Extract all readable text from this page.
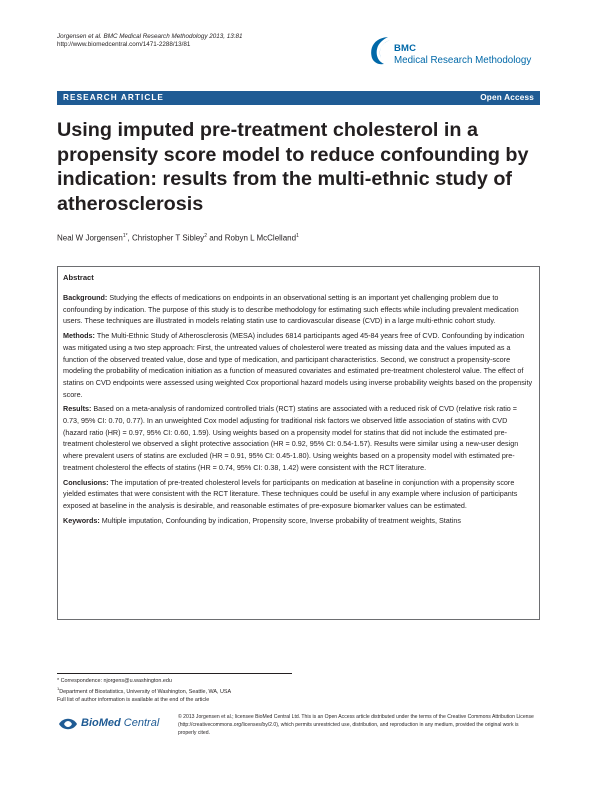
Jorgensen et al. BMC Medical Research Methodology 2013, 13:81
http://www.biomedcentral.com/1471-2288/13/81	BMC
Medical Research Methodology
RESEARCH ARTICLE	Open Access
Using imputed pre-treatment cholesterol in a propensity score model to reduce confounding by indication: results from the multi-ethnic study of atherosclerosis
Neal W Jorgensen$^{1*}$, Christopher T Sibley$^2$ and Robyn L McClelland$^1$
Abstract

Background: Studying the effects of medications on endpoints in an observational setting is an important yet challenging problem due to confounding by indication. The purpose of this study is to describe methodology for estimating such effects while including prevalent medication users. These techniques are illustrated in models relating statin use to cardiovascular disease (CVD) in a large multi-ethnic cohort study.

Methods: The Multi-Ethnic Study of Atherosclerosis (MESA) includes 6814 participants aged 45-84 years free of CVD. Confounding by indication was mitigated using a two step approach: First, the untreated values of cholesterol were treated as missing data and the values imputed as a function of the observed treated value, dose and type of medication, and participant characteristics. Second, we construct a propensity-score modeling the probability of medication initiation as a function of measured covariates and estimated pre-treatment cholesterol value. The effect of statins on CVD endpoints were assessed using weighted Cox proportional hazard models using inverse probability weights based on the propensity score.

Results: Based on a meta-analysis of randomized controlled trials (RCT) statins are associated with a reduced risk of CVD (relative risk ratio = 0.73, 95% CI: 0.70, 0.77). In an unweighted Cox model adjusting for traditional risk factors we observed little association of statins with CVD (hazard ratio (HR) = 0.97, 95% CI: 0.60, 1.59). Using weights based on a propensity model for statins that did not include the estimated pre-treatment cholesterol we observed a slight protective association (HR = 0.92, 95% CI: 0.54-1.57). Results were similar using a new-user design where prevalent users of statins are excluded (HR = 0.91, 95% CI: 0.45-1.80). Using weights based on a propensity model with estimated pre-treatment cholesterol the effects of statins (HR = 0.74, 95% CI: 0.38, 1.42) were consistent with the RCT literature.

Conclusions: The imputation of pre-treated cholesterol levels for participants on medication at baseline in conjunction with a propensity score yielded estimates that were consistent with the RCT literature. These techniques could be useful in any example where inclusion of participants exposed at baseline in the analysis is desirable, and reasonable estimates of pre-exposure biomarker values can be estimated.

Keywords: Multiple imputation, Confounding by indication, Propensity score, Inverse probability of treatment weights, Statins

* Correspondence: njorgens@u.washington.edu
$^1$Department of Biostatistics, University of Washington, Seattle, WA, USA
Full list of author information is available at the end of the article
BioMed Central	© 2013 Jorgensen et al.; licensee BioMed Central Ltd. This is an Open Access article distributed under the terms of the Creative Commons Attribution License (http://creativecommons.org/licenses/by/2.0), which permits unrestricted use, distribution, and reproduction in any medium, provided the original work is properly cited.
